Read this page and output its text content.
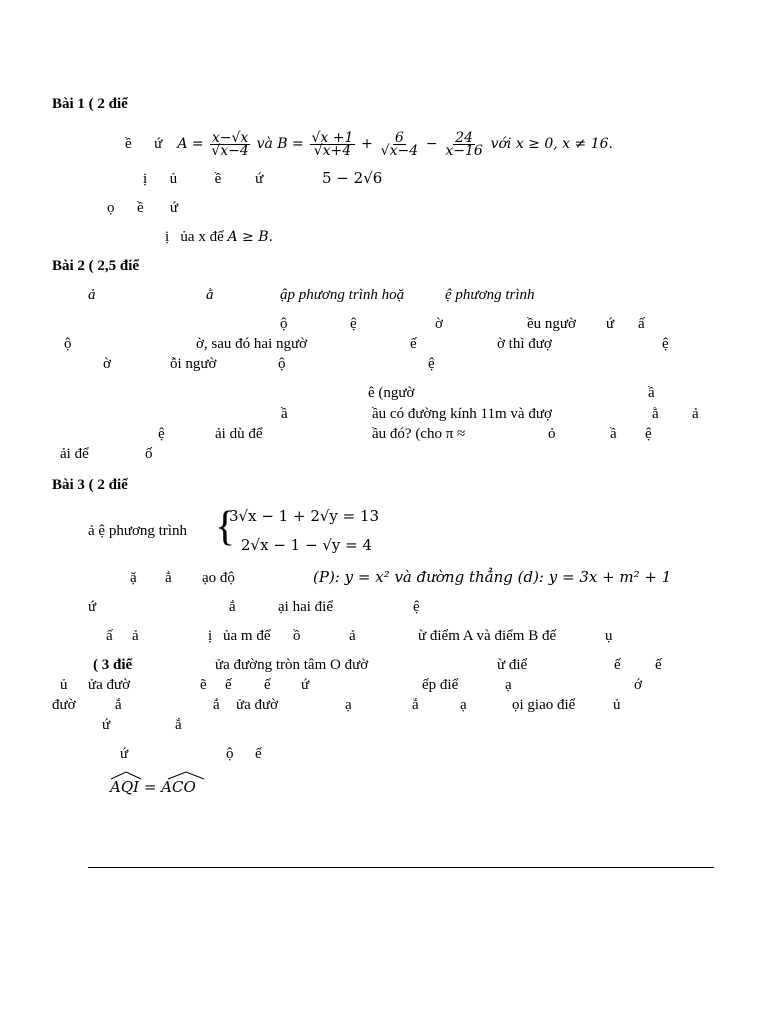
Bài 1 ( 2 điể
ề ứ $A = \frac{x-√x}{√x-4}$ và $B = \frac{√x +1}{√x+4} + \frac{6}{√x-4} - \frac{24}{x-16}$ với x ≥ 0, x ≠ 16.
ị ủ	ề ứ	5 − 2√6
ọ ề ứ
ị ủa x để A ≥ B.
Bài 2 ( 2,5 điể
ả	ằ	ập phương trình hoặ	ệ phương trình
ộ	ệ	ờ	ều ngườ ứ ấ
ộ	ờ, sau đó hai ngườ	ế	ờ thì đượ	ệ
ờ	ỗi ngườ	ộ	ệ
ê (ngườ	ầ
ầ	ầu có đường kính 11m và đượ	ằ ả
ệ	ải dù để	ầu đó? (cho π ≈	ỏ	ầ ệ
ải để	ố
Bài 3 ( 2 điể
ả ệ phương trình {
3√x − 1 + 2√y = 13
2√x − 1 − √y = 4
ặ ẳ ạo độ	(P): y = x² và đường thẳng (d): y = 3x + m² + 1
ứ	ắ	ại hai điể	ệ
ấ ả	ị ủa m để ồ	ả	ừ điểm A và điểm B đế	ụ
( 3 điể	ửa đường tròn tâm O đườ	ừ điể	ế ế
ủ ửa đườ	ẽ ế ế ứ	ếp điể	ạ	ớ
đườ	ắ	ắ ửa đườ	ạ	ắ	ạ	ọi giao điể	ủ
ứ	ắ
ứ	ộ ế
AQI = ACO
